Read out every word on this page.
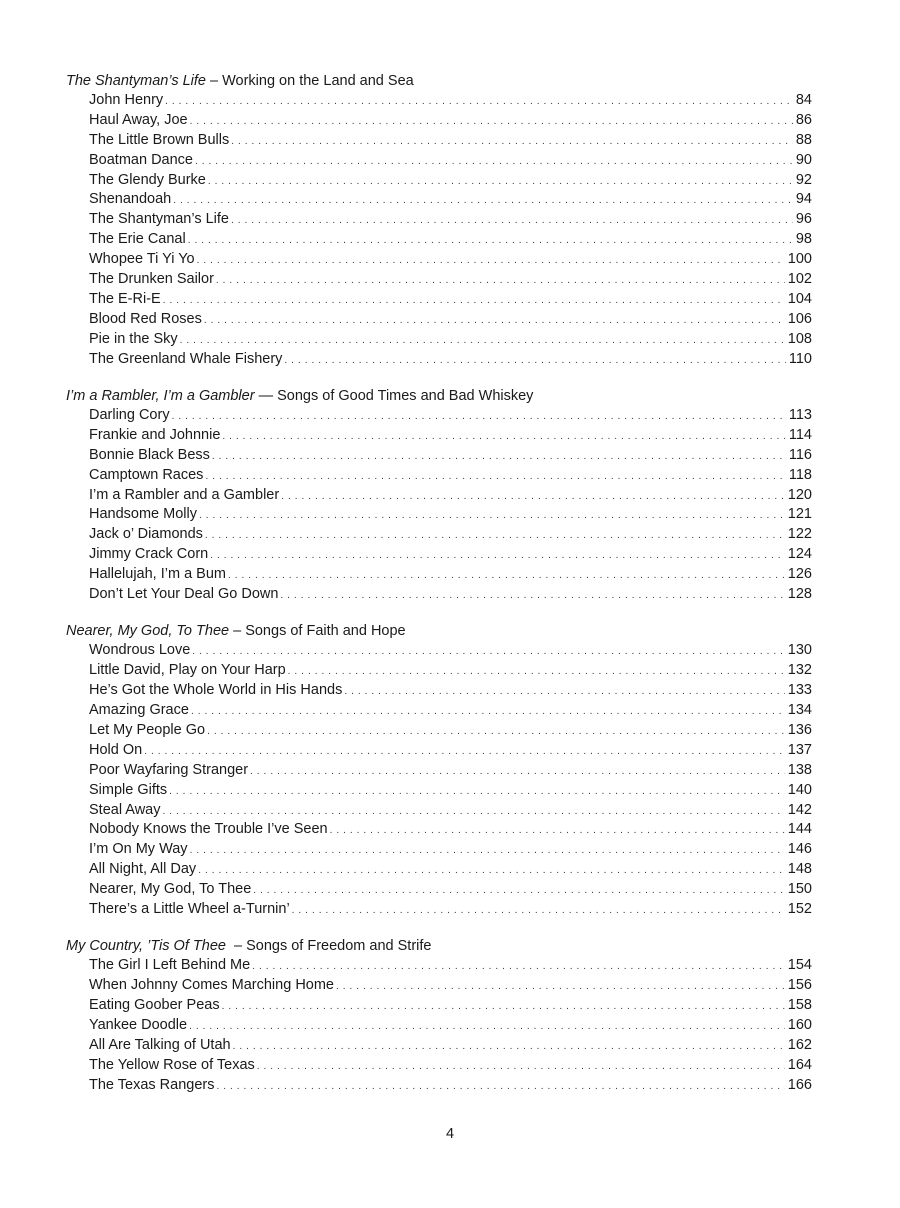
The Shantyman’s Life – Working on the Land and Sea
John Henry . . .	84
Haul Away, Joe . . .	86
The Little Brown Bulls . . .	88
Boatman Dance . . .	90
The Glendy Burke . . .	92
Shenandoah . . .	94
The Shantyman’s Life . . .	96
The Erie Canal . . .	98
Whopee Ti Yi Yo . . .	100
The Drunken Sailor . . .	102
The E-Ri-E . . .	104
Blood Red Roses . . .	106
Pie in the Sky . . .	108
The Greenland Whale Fishery . . .	110
I’m a Rambler, I’m a Gambler — Songs of Good Times and Bad Whiskey
Darling Cory . . .	113
Frankie and Johnnie . . .	114
Bonnie Black Bess . . .	116
Camptown Races . . .	118
I’m a Rambler and a Gambler . . .	120
Handsome Molly . . .	121
Jack o’ Diamonds . . .	122
Jimmy Crack Corn . . .	124
Hallelujah, I’m a Bum . . .	126
Don’t Let Your Deal Go Down . . .	128
Nearer, My God, To Thee – Songs of Faith and Hope
Wondrous Love . . .	130
Little David, Play on Your Harp . . .	132
He’s Got the Whole World in His Hands . . .	133
Amazing Grace . . .	134
Let My People Go . . .	136
Hold On . . .	137
Poor Wayfaring Stranger . . .	138
Simple Gifts . . .	140
Steal Away . . .	142
Nobody Knows the Trouble I’ve Seen . . .	144
I’m On My Way . . .	146
All Night, All Day . . .	148
Nearer, My God, To Thee . . .	150
There’s a Little Wheel a-Turnin’ . . .	152
My Country, ’Tis Of Thee  – Songs of Freedom and Strife
The Girl I Left Behind Me . . .	154
When Johnny Comes Marching Home . . .	156
Eating Goober Peas . . .	158
Yankee Doodle . . .	160
All Are Talking of Utah . . .	162
The Yellow Rose of Texas . . .	164
The Texas Rangers . . .	166
4
